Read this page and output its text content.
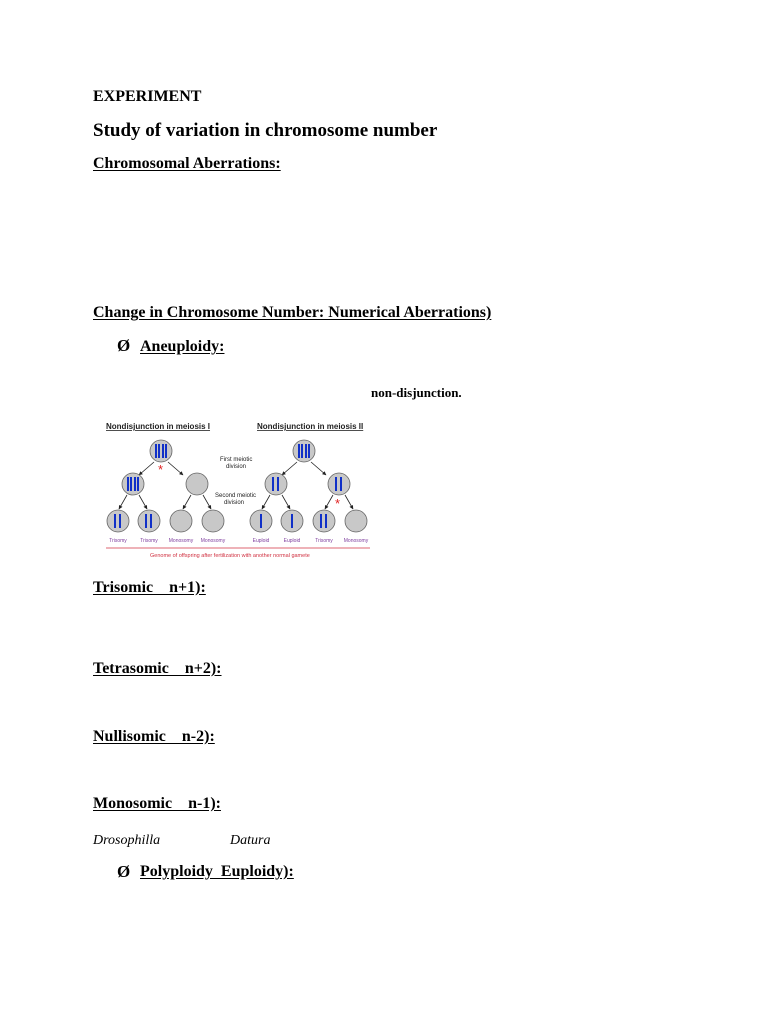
EXPERIMENT
Study of variation in chromosome number
Chromosomal Aberrations:
Change in Chromosome Number: Numerical Aberrations)
Ø Aneuploidy:
non-disjunction.
Nondisjunction in meiosis I	Nondisjunction in meiosis II
*
First meiotic
division
*
Second meiotic
division
Trisomy	Trisomy Monosomy Monosomy	Euploid	Euploid	Trisomy Monosomy
Genome of offspring after fertilization with another normal gamete
Trisomic    n+1):
Tetrasomic    n+2):
Nullisomic    n-2):
Monosomic    n-1):
Drosophilla	Datura
Ø Polyploidy  Euploidy):
